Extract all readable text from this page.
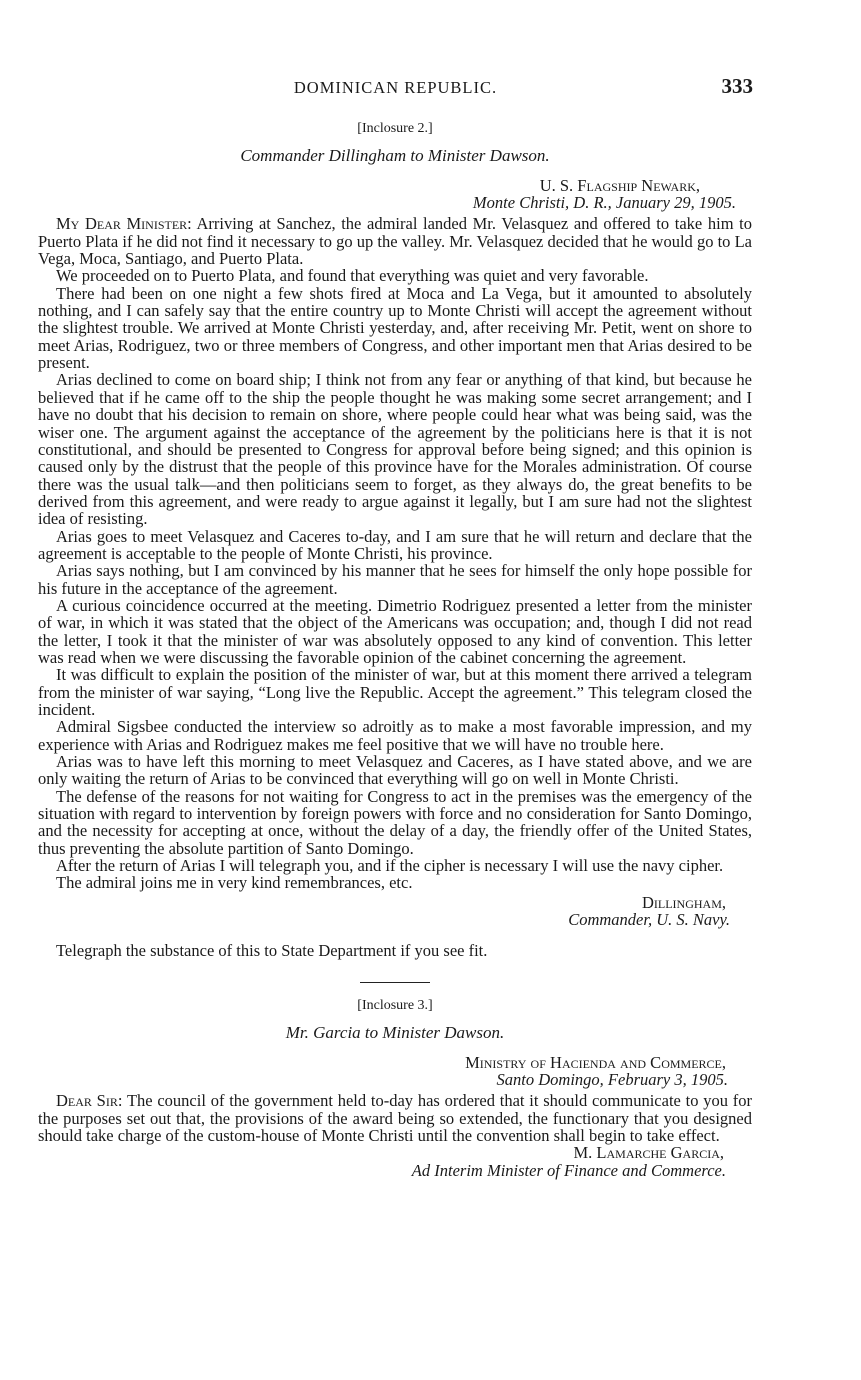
DOMINICAN REPUBLIC.	333
[Inclosure 2.]
Commander Dillingham to Minister Dawson.
U. S. Flagship Newark,
Monte Christi, D. R., January 29, 1905.

My Dear Minister: Arriving at Sanchez, the admiral landed Mr. Velasquez and offered to take him to Puerto Plata if he did not find it necessary to go up the valley. Mr. Velasquez decided that he would go to La Vega, Moca, Santiago, and Puerto Plata.

We proceeded on to Puerto Plata, and found that everything was quiet and very favorable.

There had been on one night a few shots fired at Moca and La Vega, but it amounted to absolutely nothing, and I can safely say that the entire country up to Monte Christi will accept the agreement without the slightest trouble. We arrived at Monte Christi yesterday, and, after receiving Mr. Petit, went on shore to meet Arias, Rodriguez, two or three members of Congress, and other important men that Arias desired to be present.

Arias declined to come on board ship; I think not from any fear or anything of that kind, but because he believed that if he came off to the ship the people thought he was making some secret arrangement; and I have no doubt that his decision to remain on shore, where people could hear what was being said, was the wiser one. The argument against the acceptance of the agreement by the politicians here is that it is not constitutional, and should be presented to Congress for approval before being signed; and this opinion is caused only by the distrust that the people of this province have for the Morales administration. Of course there was the usual talk—and then politicians seem to forget, as they always do, the great benefits to be derived from this agreement, and were ready to argue against it legally, but I am sure had not the slightest idea of resisting.

Arias goes to meet Velasquez and Caceres to-day, and I am sure that he will return and declare that the agreement is acceptable to the people of Monte Christi, his province.

Arias says nothing, but I am convinced by his manner that he sees for himself the only hope possible for his future in the acceptance of the agreement.

A curious coincidence occurred at the meeting. Dimetrio Rodriguez presented a letter from the minister of war, in which it was stated that the object of the Americans was occupation; and, though I did not read the letter, I took it that the minister of war was absolutely opposed to any kind of convention. This letter was read when we were discussing the favorable opinion of the cabinet concerning the agreement.

It was difficult to explain the position of the minister of war, but at this moment there arrived a telegram from the minister of war saying, “Long live the Republic. Accept the agreement.” This telegram closed the incident.

Admiral Sigsbee conducted the interview so adroitly as to make a most favorable impression, and my experience with Arias and Rodriguez makes me feel positive that we will have no trouble here.

Arias was to have left this morning to meet Velasquez and Caceres, as I have stated above, and we are only waiting the return of Arias to be convinced that everything will go on well in Monte Christi.

The defense of the reasons for not waiting for Congress to act in the premises was the emergency of the situation with regard to intervention by foreign powers with force and no consideration for Santo Domingo, and the necessity for accepting at once, without the delay of a day, the friendly offer of the United States, thus preventing the absolute partition of Santo Domingo.

After the return of Arias I will telegraph you, and if the cipher is necessary I will use the navy cipher.

The admiral joins me in very kind remembrances, etc.

Dillingham,
Commander, U. S. Navy.

Telegraph the substance of this to State Department if you see fit.

[Inclosure 3.]
Mr. Garcia to Minister Dawson.
Ministry of Hacienda and Commerce,
Santo Domingo, February 3, 1905.

Dear Sir: The council of the government held to-day has ordered that it should communicate to you for the purposes set out that, the provisions of the award being so extended, the functionary that you designed should take charge of the custom-house of Monte Christi until the convention shall begin to take effect.

M. Lamarche Garcia,
Ad Interim Minister of Finance and Commerce.
